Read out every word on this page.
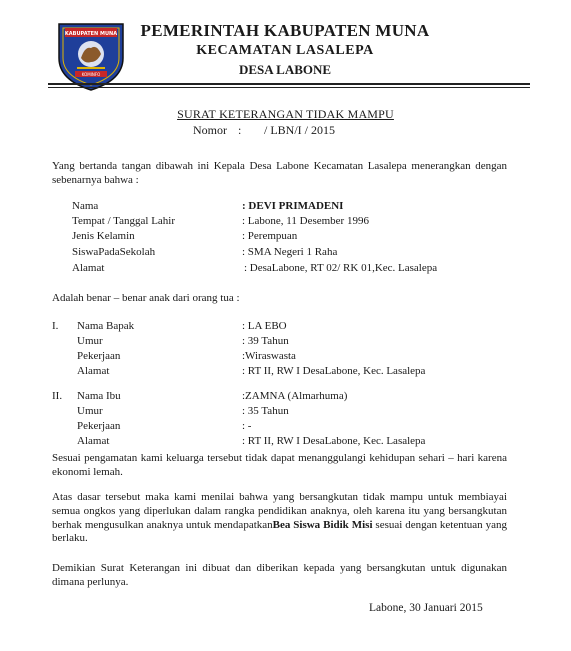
KABUPATEN MUNA
KOMINFO
PEMERINTAH KABUPATEN MUNA
KECAMATAN LASALEPA
DESA LABONE
SURAT KETERANGAN TIDAK MAMPU
Nomor : / LBN/I / 2015
Yang bertanda tangan dibawah ini Kepala Desa Labone Kecamatan Lasalepa menerangkan dengan sebenarnya bahwa :
Nama	: DEVI PRIMADENI
Tempat / Tanggal Lahir	: Labone, 11 Desember 1996
Jenis Kelamin	: Perempuan
SiswaPadaSekolah	: SMA Negeri 1 Raha
Alamat	: DesaLabone, RT 02/ RK 01,Kec. Lasalepa
Adalah benar – benar anak dari orang tua :
I. Nama Bapak	: LA EBO
Umur	: 39 Tahun
Pekerjaan	:Wiraswasta
Alamat	: RT II, RW I DesaLabone, Kec. Lasalepa
II. Nama Ibu	:ZAMNA (Almarhuma)
Umur	: 35 Tahun
Pekerjaan	: -
Alamat	: RT II, RW I DesaLabone, Kec. Lasalepa
Sesuai pengamatan kami keluarga tersebut tidak dapat menanggulangi kehidupan sehari – hari karena ekonomi lemah.
Atas dasar tersebut maka kami menilai bahwa yang bersangkutan tidak mampu untuk membiayai semua ongkos yang diperlukan dalam rangka pendidikan anaknya, oleh karena itu yang bersangkutan berhak mengusulkan anaknya untuk mendapatkanBea Siswa Bidik Misi sesuai dengan ketentuan yang berlaku.
Demikian Surat Keterangan ini dibuat dan diberikan kepada yang bersangkutan untuk digunakan dimana perlunya.
Labone, 30 Januari 2015
